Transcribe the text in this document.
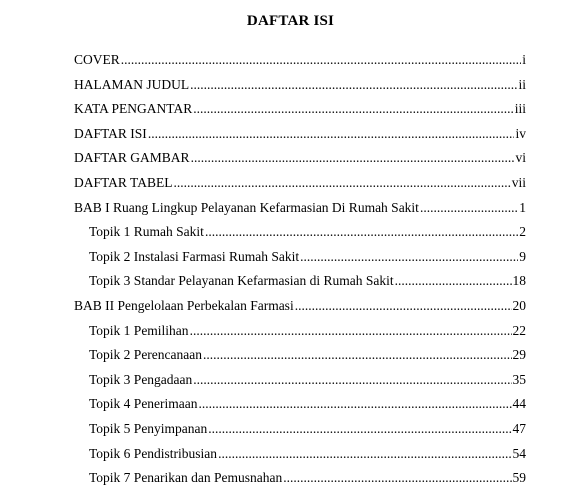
DAFTAR ISI
COVER .....	i
HALAMAN JUDUL .....	ii
KATA PENGANTAR .....	iii
DAFTAR ISI .....	iv
DAFTAR GAMBAR .....	vi
DAFTAR TABEL .....	vii
BAB I Ruang Lingkup Pelayanan Kefarmasian Di Rumah Sakit .....	1
Topik 1 Rumah Sakit .....	2
Topik 2 Instalasi Farmasi Rumah Sakit .....	9
Topik 3 Standar Pelayanan Kefarmasian di Rumah Sakit .....	18
BAB II Pengelolaan Perbekalan Farmasi .....	20
Topik 1 Pemilihan .....	22
Topik 2 Perencanaan .....	29
Topik 3 Pengadaan .....	35
Topik 4 Penerimaan .....	44
Topik 5 Penyimpanan .....	47
Topik 6 Pendistribusian .....	54
Topik 7 Penarikan dan Pemusnahan .....	59
